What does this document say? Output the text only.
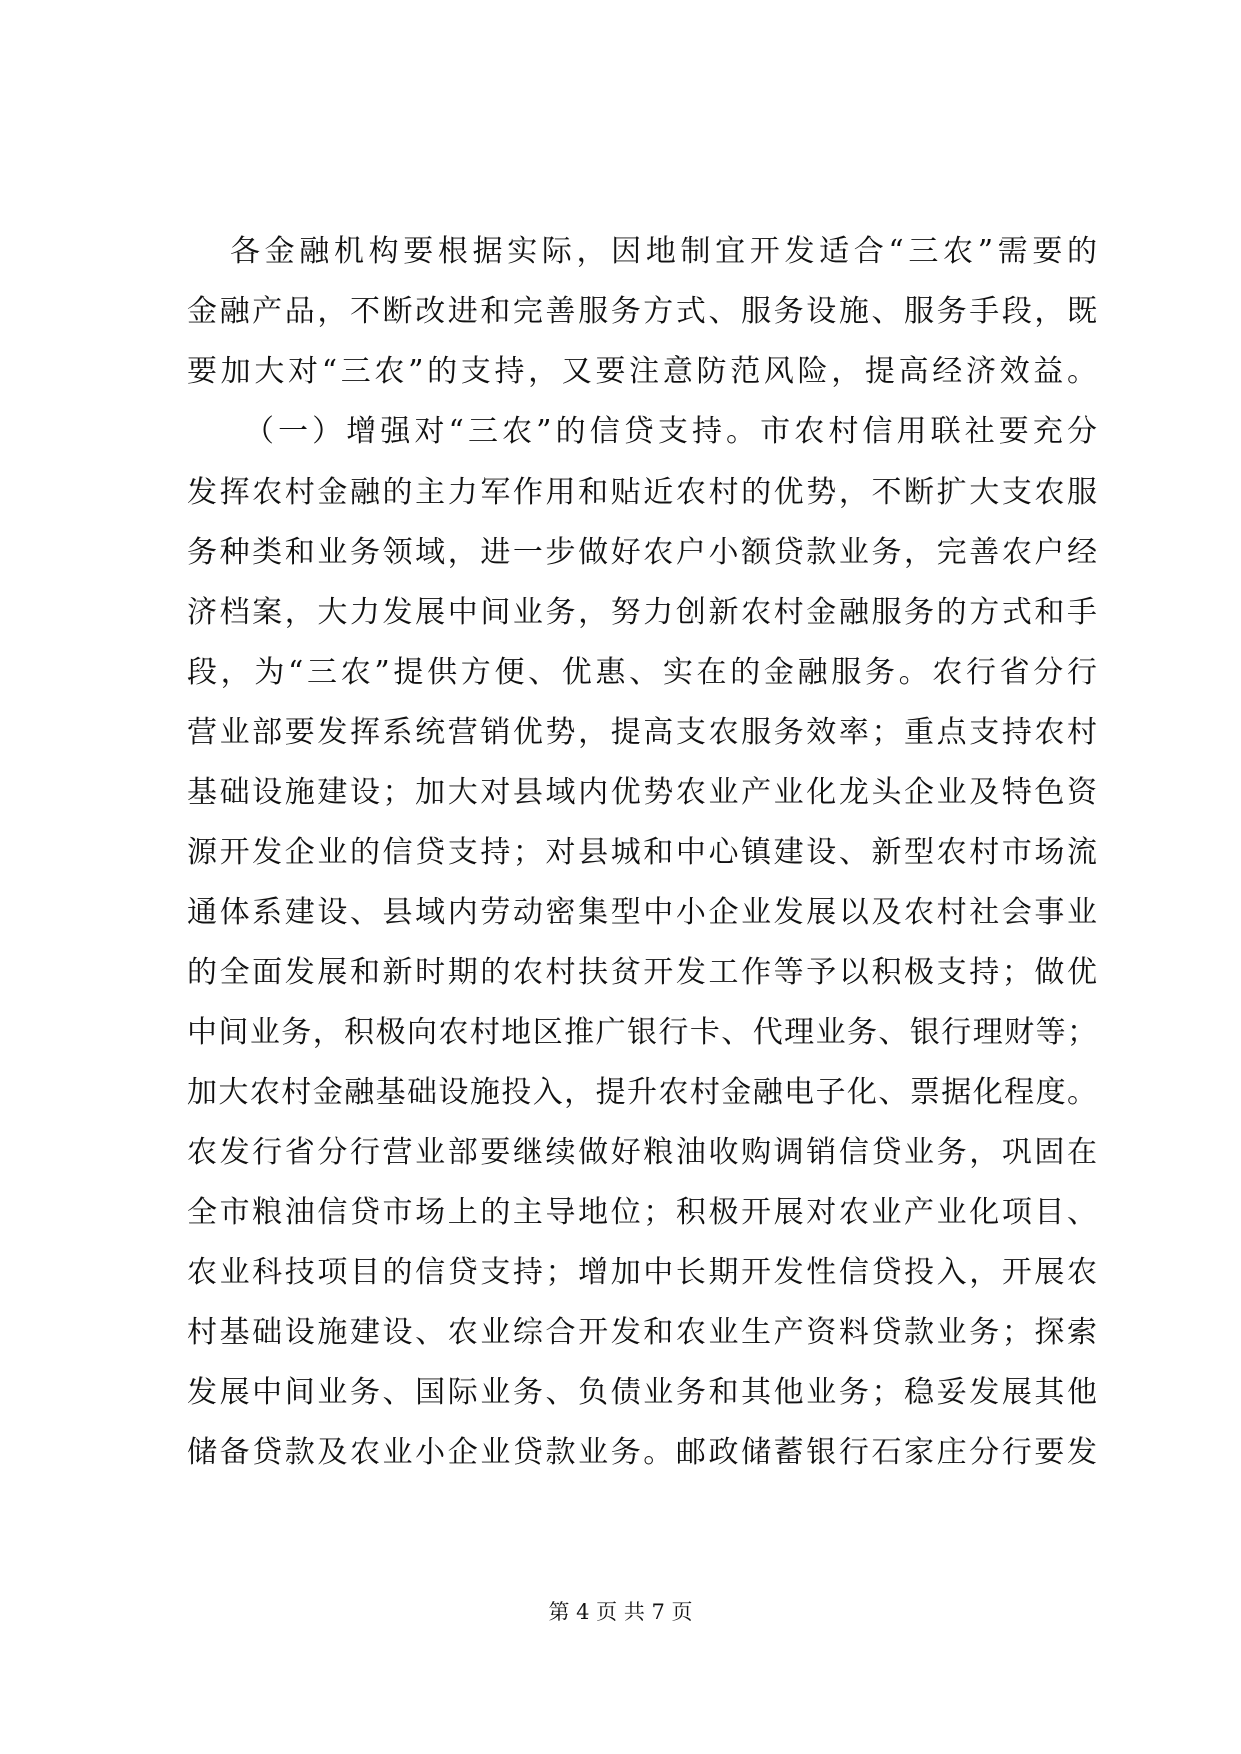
各金融机构要根据实际，因地制宜开发适合“三农”需要的
金融产品，不断改进和完善服务方式、服务设施、服务手段，既
要加大对“三农”的支持，又要注意防范风险，提高经济效益。
（一）增强对“三农”的信贷支持。市农村信用联社要充分
发挥农村金融的主力军作用和贴近农村的优势，不断扩大支农服
务种类和业务领域，进一步做好农户小额贷款业务，完善农户经
济档案，大力发展中间业务，努力创新农村金融服务的方式和手
段，为“三农”提供方便、优惠、实在的金融服务。农行省分行
营业部要发挥系统营销优势，提高支农服务效率；重点支持农村
基础设施建设；加大对县域内优势农业产业化龙头企业及特色资
源开发企业的信贷支持；对县城和中心镇建设、新型农村市场流
通体系建设、县域内劳动密集型中小企业发展以及农村社会事业
的全面发展和新时期的农村扶贫开发工作等予以积极支持；做优
中间业务，积极向农村地区推广银行卡、代理业务、银行理财等；
加大农村金融基础设施投入，提升农村金融电子化、票据化程度。
农发行省分行营业部要继续做好粮油收购调销信贷业务，巩固在
全市粮油信贷市场上的主导地位；积极开展对农业产业化项目、
农业科技项目的信贷支持；增加中长期开发性信贷投入，开展农
村基础设施建设、农业综合开发和农业生产资料贷款业务；探索
发展中间业务、国际业务、负债业务和其他业务；稳妥发展其他
储备贷款及农业小企业贷款业务。邮政储蓄银行石家庄分行要发
第 4 页 共 7 页
